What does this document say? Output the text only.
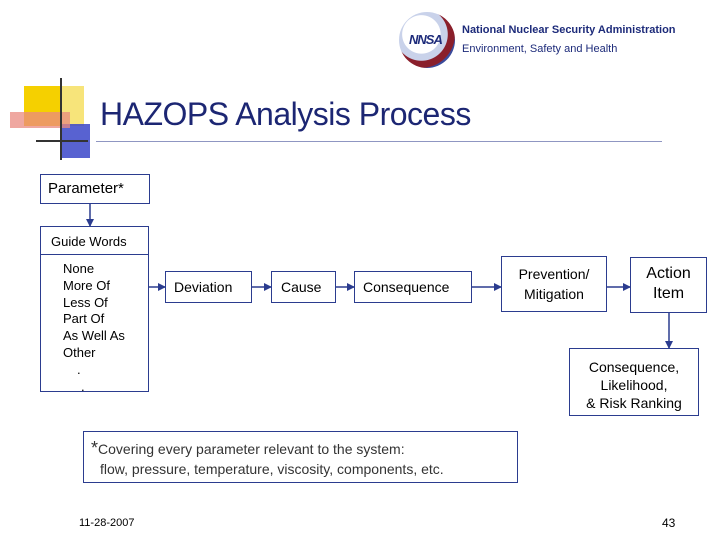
NNSA
National Nuclear Security Administration
Environment, Safety and Health
HAZOPS Analysis Process
Parameter*
Guide Words
None
More Of
Less Of
Part Of
As Well As
Other
.
.
Deviation	Cause	Consequence
Prevention/
Mitigation
Action
Item
Consequence,
Likelihood,
& Risk Ranking
*Covering every parameter relevant to the system:
flow, pressure, temperature, viscosity, components, etc.
11-28-2007	43
